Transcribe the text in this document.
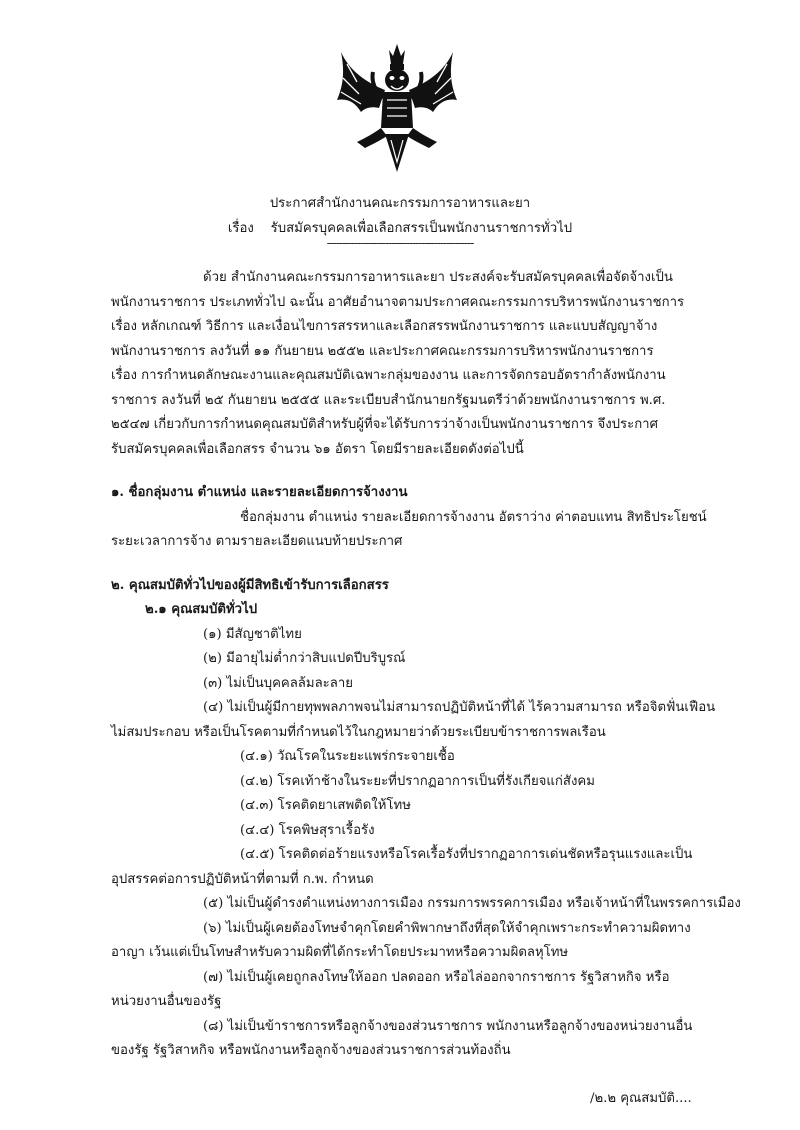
ประกาศสำนักงานคณะกรรมการอาหารและยา
เรื่อง รับสมัครบุคคลเพื่อเลือกสรรเป็นพนักงานราชการทั่วไป
------------------------------------------------
ด้วย สำนักงานคณะกรรมการอาหารและยา ประสงค์จะรับสมัครบุคคลเพื่อจัดจ้างเป็น
พนักงานราชการ ประเภททั่วไป ฉะนั้น อาศัยอำนาจตามประกาศคณะกรรมการบริหารพนักงานราชการ
เรื่อง หลักเกณฑ์ วิธีการ และเงื่อนไขการสรรหาและเลือกสรรพนักงานราชการ และแบบสัญญาจ้าง
พนักงานราชการ ลงวันที่ ๑๑ กันยายน ๒๕๕๒ และประกาศคณะกรรมการบริหารพนักงานราชการ
เรื่อง การกำหนดลักษณะงานและคุณสมบัติเฉพาะกลุ่มของงาน และการจัดกรอบอัตรากำลังพนักงาน
ราชการ ลงวันที่ ๒๕ กันยายน ๒๕๕๕ และระเบียบสำนักนายกรัฐมนตรีว่าด้วยพนักงานราชการ พ.ศ.
๒๕๔๗ เกี่ยวกับการกำหนดคุณสมบัติสำหรับผู้ที่จะได้รับการว่าจ้างเป็นพนักงานราชการ จึงประกาศ
รับสมัครบุคคลเพื่อเลือกสรร จำนวน ๖๑ อัตรา โดยมีรายละเอียดดังต่อไปนี้
๑. ชื่อกลุ่มงาน ตำแหน่ง และรายละเอียดการจ้างงาน
ชื่อกลุ่มงาน ตำแหน่ง รายละเอียดการจ้างงาน อัตราว่าง ค่าตอบแทน สิทธิประโยชน์
ระยะเวลาการจ้าง ตามรายละเอียดแนบท้ายประกาศ
๒. คุณสมบัติทั่วไปของผู้มีสิทธิเข้ารับการเลือกสรร
๒.๑ คุณสมบัติทั่วไป
(๑) มีสัญชาติไทย
(๒) มีอายุไม่ต่ำกว่าสิบแปดปีบริบูรณ์
(๓) ไม่เป็นบุคคลล้มละลาย
(๔) ไม่เป็นผู้มีกายทุพพลภาพจนไม่สามารถปฏิบัติหน้าที่ได้ ไร้ความสามารถ หรือจิตฟั่นเฟือน
ไม่สมประกอบ หรือเป็นโรคตามที่กำหนดไว้ในกฎหมายว่าด้วยระเบียบข้าราชการพลเรือน
(๔.๑) วัณโรคในระยะแพร่กระจายเชื้อ
(๔.๒) โรคเท้าช้างในระยะที่ปรากฏอาการเป็นที่รังเกียจแก่สังคม
(๔.๓) โรคติดยาเสพติดให้โทษ
(๔.๔) โรคพิษสุราเรื้อรัง
(๔.๕) โรคติดต่อร้ายแรงหรือโรคเรื้อรังที่ปรากฏอาการเด่นชัดหรือรุนแรงและเป็น
อุปสรรคต่อการปฏิบัติหน้าที่ตามที่ ก.พ. กำหนด
(๕) ไม่เป็นผู้ดำรงตำแหน่งทางการเมือง กรรมการพรรคการเมือง หรือเจ้าหน้าที่ในพรรคการเมือง
(๖) ไม่เป็นผู้เคยต้องโทษจำคุกโดยคำพิพากษาถึงที่สุดให้จำคุกเพราะกระทำความผิดทาง
อาญา เว้นแต่เป็นโทษสำหรับความผิดที่ได้กระทำโดยประมาทหรือความผิดลหุโทษ
(๗) ไม่เป็นผู้เคยถูกลงโทษให้ออก ปลดออก หรือไล่ออกจากราชการ รัฐวิสาหกิจ หรือ
หน่วยงานอื่นของรัฐ
(๘) ไม่เป็นข้าราชการหรือลูกจ้างของส่วนราชการ พนักงานหรือลูกจ้างของหน่วยงานอื่น
ของรัฐ รัฐวิสาหกิจ หรือพนักงานหรือลูกจ้างของส่วนราชการส่วนท้องถิ่น
/๒.๒ คุณสมบัติ....
